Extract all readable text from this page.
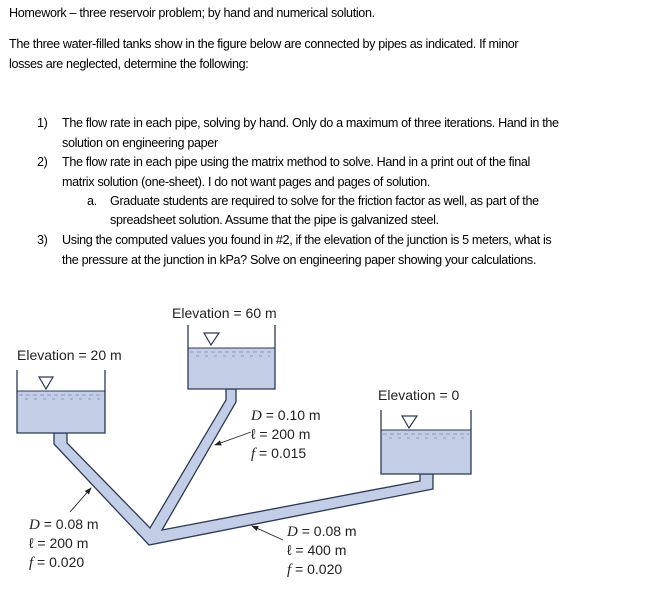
Homework – three reservoir problem; by hand and numerical solution.
The three water-filled tanks show in the figure below are connected by pipes as indicated. If minor
losses are neglected, determine the following:
1) The flow rate in each pipe, solving by hand. Only do a maximum of three iterations. Hand in the
solution on engineering paper
2) The flow rate in each pipe using the matrix method to solve. Hand in a print out of the final
matrix solution (one-sheet). I do not want pages and pages of solution.
a. Graduate students are required to solve for the friction factor as well, as part of the
spreadsheet solution. Assume that the pipe is galvanized steel.
3) Using the computed values you found in #2, if the elevation of the junction is 5 meters, what is
the pressure at the junction in kPa? Solve on engineering paper showing your calculations.
Elevation = 20 m
Elevation = 60 m
Elevation = 0
D = 0.10 m
ℓ = 200 m
f = 0.015
D = 0.08 m
ℓ = 200 m
f = 0.020
D = 0.08 m
ℓ = 400 m
f = 0.020
